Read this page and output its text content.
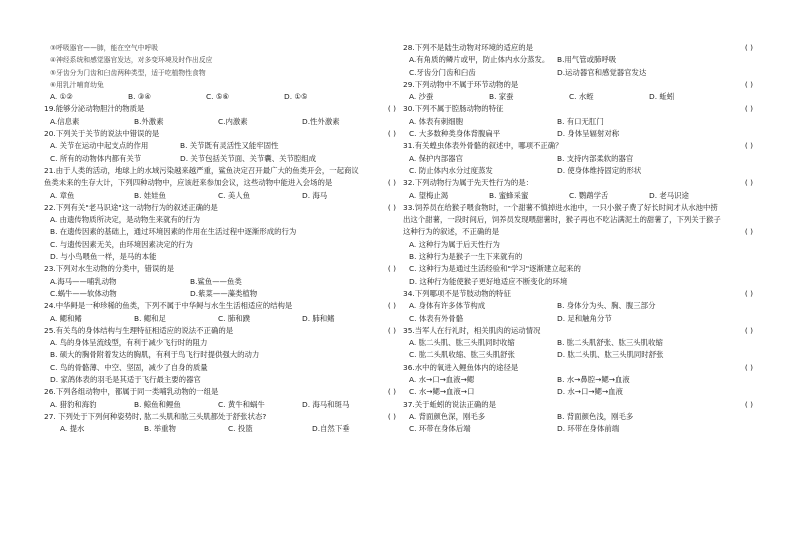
③呼吸器官——肺，能在空气中呼吸
④神经系统和感觉器官发达，对多变环境及时作出反应
⑤牙齿分为门齿和臼齿两种类型，适于吃植物性食物
⑥用乳汁哺育幼兔
A. ①②	B. ③④	C. ⑤⑥	D. ①⑤
19.能够分泌动物胆汁的物质是	( )
A.信息素	B.外激素	C.内激素	D.性外激素
20.下列关于关节的说法中错误的是	( )
A. 关节在运动中起支点的作用	B. 关节既有灵活性又能牢固性
C. 所有的动物体内都有关节	D. 关节包括关节面、关节囊、关节腔组成
21.由于人类的活动，地球上的水域污染越来越严重，鲨鱼决定召开最广大的鱼类开会，一起商议
鱼类未来的生存大计，下列四种动物中，应该赶来参加会议，这些动物中能进入会场的是	( )
A. 章鱼	B. 娃娃鱼	C. 美人鱼	D. 海马
22.下列有关"老马识途"这一动物行为的叙述正确的是	( )
A. 由遗传物质所决定，是动物生来就有的行为
B. 在遗传因素的基础上，通过环境因素的作用在生活过程中逐渐形成的行为
C. 与遗传因素无关，由环境因素决定的行为
D. 与小鸟喂鱼一样，是马的本能
23.下列对水生动物的分类中，错误的是	( )
A.海马——哺乳动物	B.鲨鱼——鱼类
C.蜗牛——软体动物	D.紫菜——藻类植物
24.中华鲟是一种珍稀的鱼类，下列不属于中华鲟与水生生活相适应的结构是	( )
A. 鳃和鳍	B. 鳃和足	C. 肺和蹼	D. 肺和鳍
25.有关鸟的身体结构与生理特征相适应的说法不正确的是	( )
A. 鸟的身体呈流线型，有利于减少飞行时的阻力
B. 硕大的胸骨附着发达的胸肌，有利于鸟飞行时提供强大的动力
C. 鸟的骨骼薄、中空、坚固，减少了自身的质量
D. 家鸽体表的羽毛是其适于飞行最主要的器官
26.下列各组动物中，都属于同一类哺乳动物的一组是	( )
A. 猎豹和海豹	B. 鲸鱼和鲤鱼	C. 黄牛和蜗牛	D. 海马和斑马
27. 下列处于下列何种姿势时, 肱二头肌和肱三头肌都处于舒张状态?	( )
A. 提水	B. 举重物	C. 投篮	D.自然下垂
28.下列不是陆生动物对环境的适应的是	( )
A.有角质的鳞片或甲，防止体内水分蒸发。 B.用气管或肺呼吸
C.牙齿分门齿和臼齿	D.运动器官和感觉器官发达
29.下列动物中不属于环节动物的是	( )
A. 沙蚕	B. 家蚕	C. 水蛭	D. 蚯蚓
30.下列不属于腔肠动物的特征	( )
A. 体表有刺细胞	B. 有口无肛门
C. 大多数种类身体背腹扁平	D. 身体呈辐射对称
31.有关蝗虫体表外骨骼的叙述中，哪项不正确？	( )
A. 保护内部器官	B. 支持内部柔软的器官
C. 防止体内水分过度蒸发	D. 使身体维持固定的形状
32.下列动物行为属于先天性行为的是：	( )
A. 望梅止渴	B. 蜜蜂采蜜	C. 鹦鹉学舌	D. 老马识途
33.饲养员在给猴子喂食物时，一个甜薯不慎掉进水池中，一只小猴子费了好长时间才从水池中捞
出这个甜薯，一段时间后，饲养员发现喂甜薯时，猴子再也不吃沾满泥土的甜薯了，下列关于猴子
这种行为的叙述，不正确的是	( )
A. 这种行为属于后天性行为
B. 这种行为是猴子一生下来就有的
C. 这种行为是通过生活经验和"学习"逐渐建立起来的
D. 这种行为能使猴子更好地适应不断变化的环境
34.下列哪项不是节肢动物的特征	( )
A. 身体有许多体节构成	B. 身体分为头、胸、腹三部分
C. 体表有外骨骼	D. 足和触角分节
35.当军人在行礼时，相关肌肉的运动情况	( )
A. 肱二头肌、肱三头肌同时收缩	B. 肱二头肌舒张、肱三头肌收缩
C. 肱二头肌收缩、肱三头肌舒张	D. 肱二头肌、肱三头肌同时舒张
36.水中的氧进入鲤鱼体内的途径是	( )
A. 水→口→血液→鳃	B. 水→鼻腔→鳃→血液
C. 水→鳃→血液→口	D. 水→口→鳃→血液
37.关于蚯蚓的说法正确的是	( )
A. 背面颜色深，刚毛多	B. 背面颜色浅，刚毛多
C. 环带在身体后端	D. 环带在身体前端
